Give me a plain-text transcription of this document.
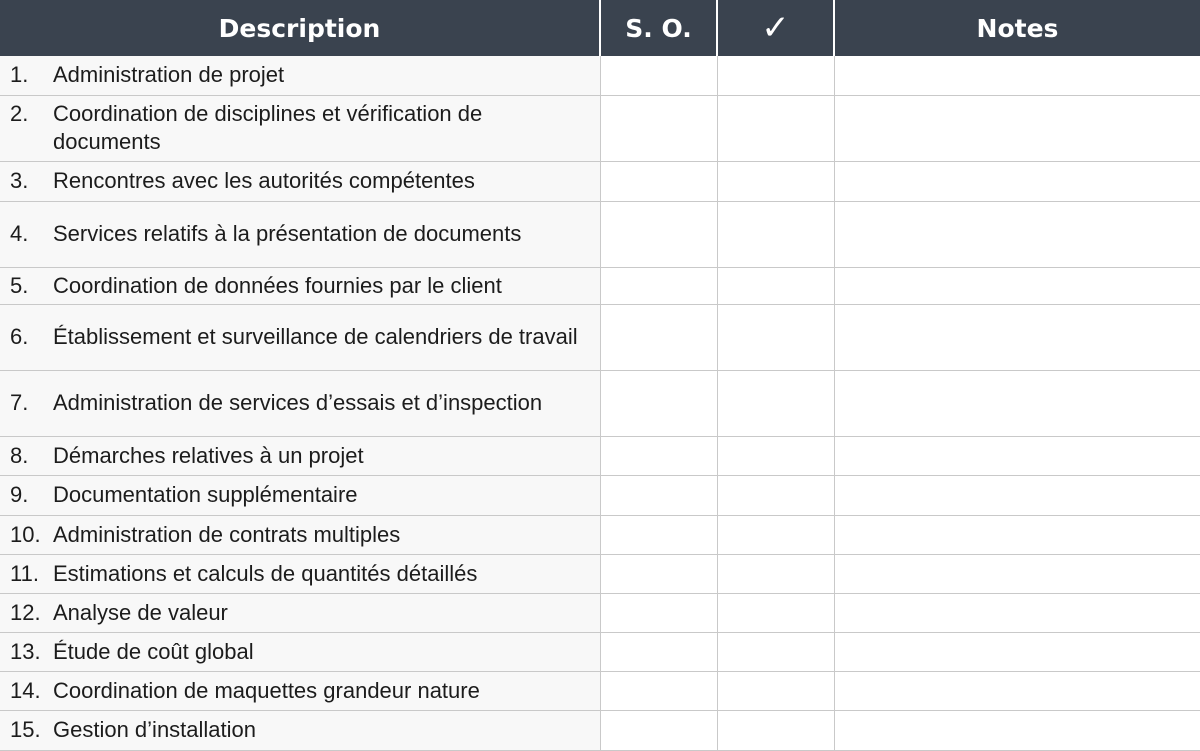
Description	S. O.	✓	Notes

1. Administration de projet			

2. Coordination de disciplines et vérification de documents			

3. Rencontres avec les autorités compétentes			

4. Services relatifs à la présentation de documents			

5. Coordination de données fournies par le client			

6. Établissement et surveillance de calendriers de travail			

7. Administration de services d’essais et d’inspection			

8. Démarches relatives à un projet			

9. Documentation supplémentaire			

10. Administration de contrats multiples			

11. Estimations et calculs de quantités détaillés			

12. Analyse de valeur			

13. Étude de coût global			

14. Coordination de maquettes grandeur nature			

15. Gestion d’installation			
